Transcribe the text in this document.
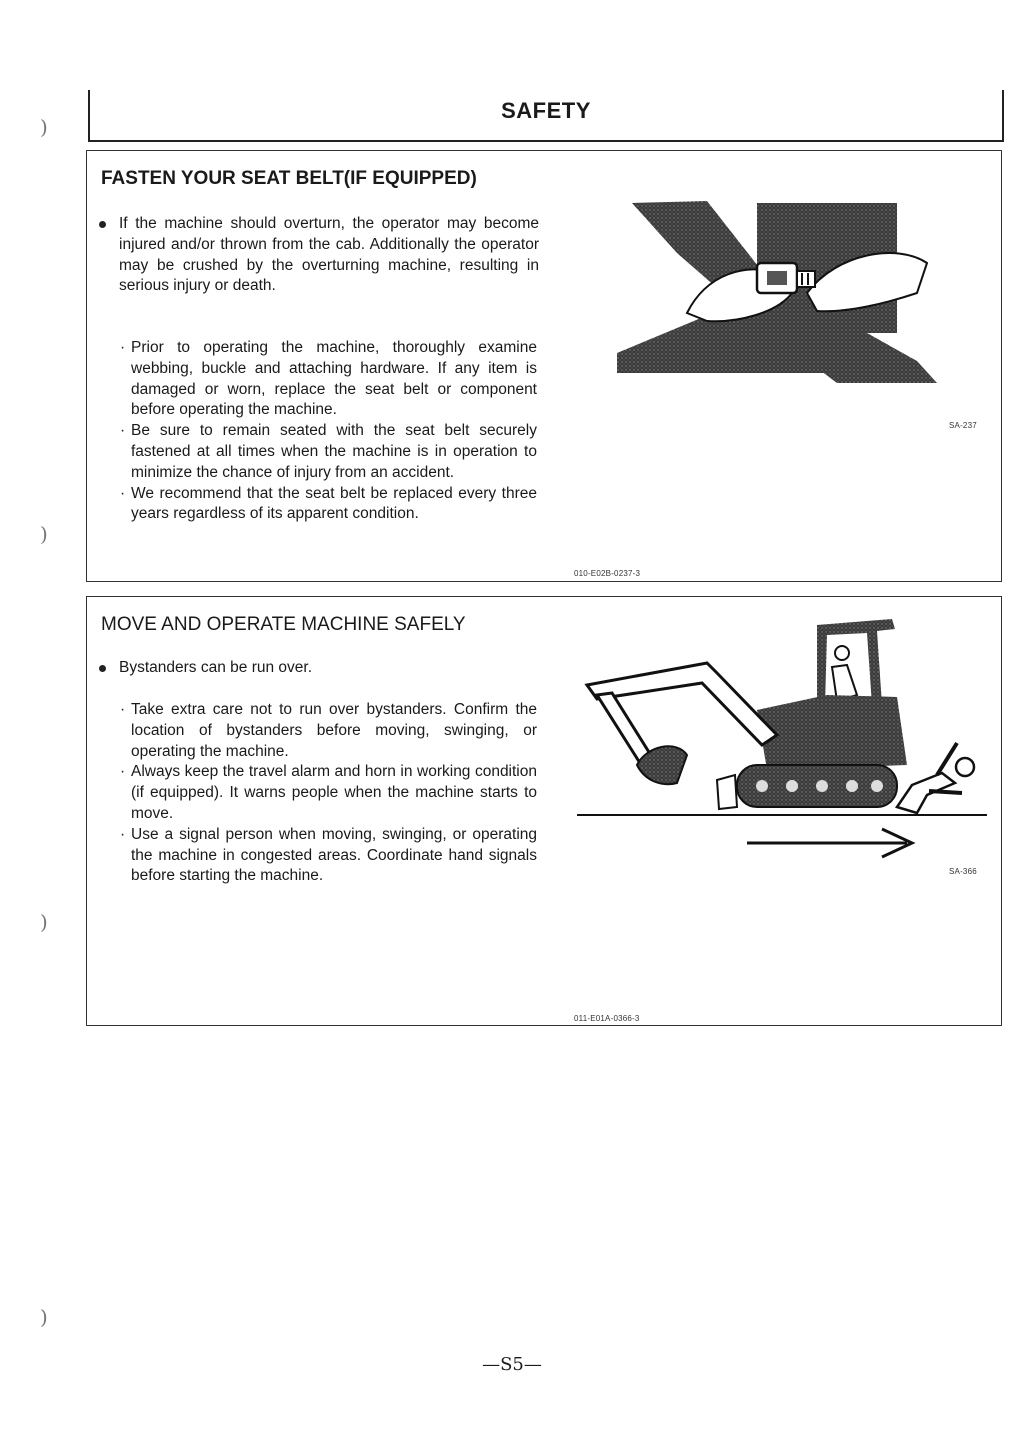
)
)
)
)
SAFETY
FASTEN YOUR SEAT BELT(IF EQUIPPED)
If the machine should overturn, the operator may become injured and/or thrown from the cab. Additionally the operator may be crushed by the overturning machine, resulting in serious injury or death.
· Prior to operating the machine, thoroughly examine webbing, buckle and attaching hardware. If any item is damaged or worn, replace the seat belt or component before operating the machine.
· Be sure to remain seated with the seat belt securely fastened at all times when the machine is in operation to minimize the chance of injury from an accident.
· We recommend that the seat belt be replaced every three years regardless of its apparent condition.
SA-237
010-E02B-0237-3
MOVE AND OPERATE MACHINE SAFELY
Bystanders can be run over.
· Take extra care not to run over bystanders. Confirm the location of bystanders before moving, swinging, or operating the machine.
· Always keep the travel alarm and horn in working condition (if equipped). It warns people when the machine starts to move.
· Use a signal person when moving, swinging, or operating the machine in congested areas. Coordinate hand signals before starting the machine.	SA-366
011-E01A-0366-3
—S5—
